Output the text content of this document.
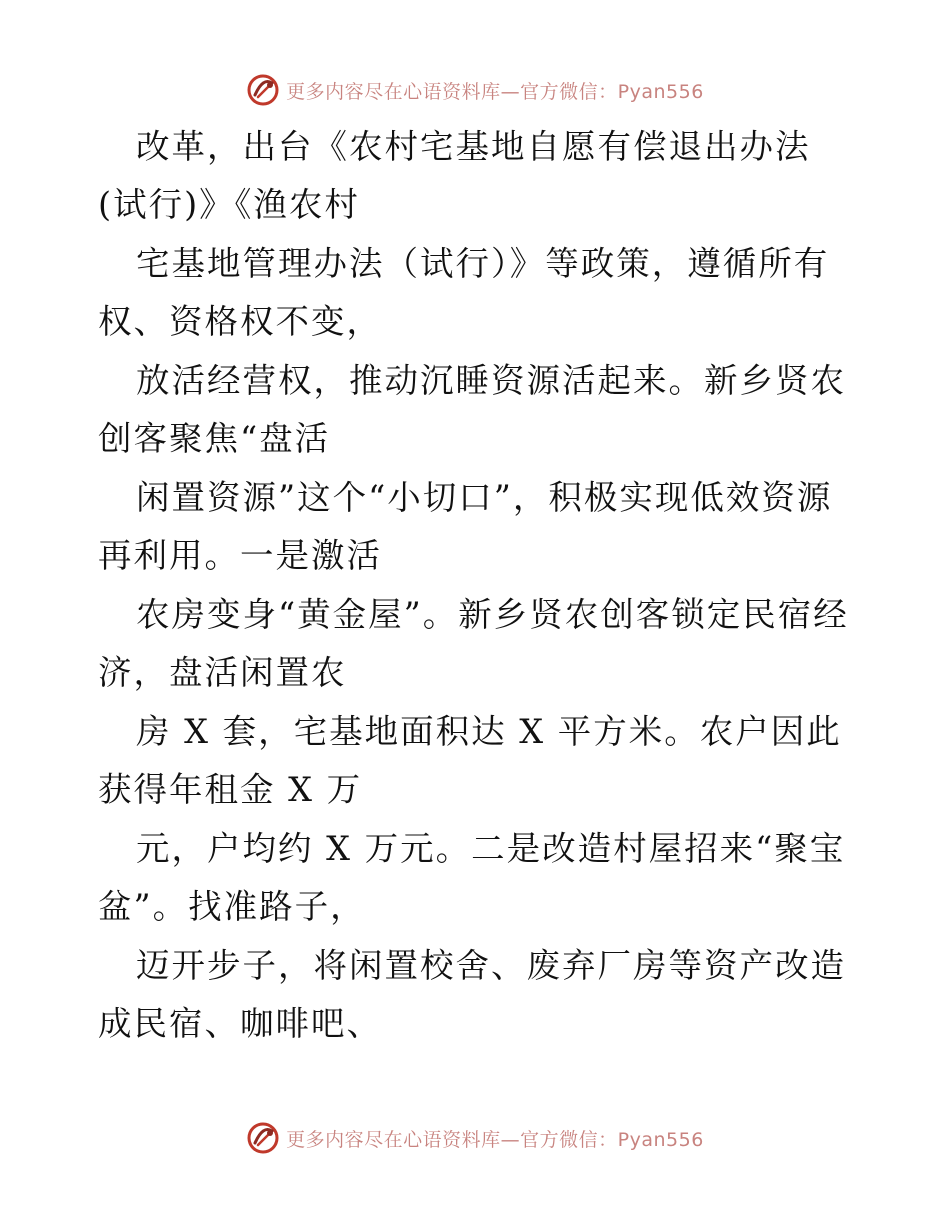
更多内容尽在心语资料库—官方微信：Pyan556

改革，出台《农村宅基地自愿有偿退出办法(试行)》《渔农村

宅基地管理办法（试行）》等政策，遵循所有权、资格权不变，

放活经营权，推动沉睡资源活起来。新乡贤农创客聚焦“盘活

闲置资源”这个“小切口”，积极实现低效资源再利用。一是激活

农房变身“黄金屋”。新乡贤农创客锁定民宿经济，盘活闲置农

房 X 套，宅基地面积达 X 平方米。农户因此获得年租金 X 万

元，户均约 X 万元。二是改造村屋招来“聚宝盆”。找准路子，

迈开步子，将闲置校舍、废弃厂房等资产改造成民宿、咖啡吧、

更多内容尽在心语资料库—官方微信：Pyan556
